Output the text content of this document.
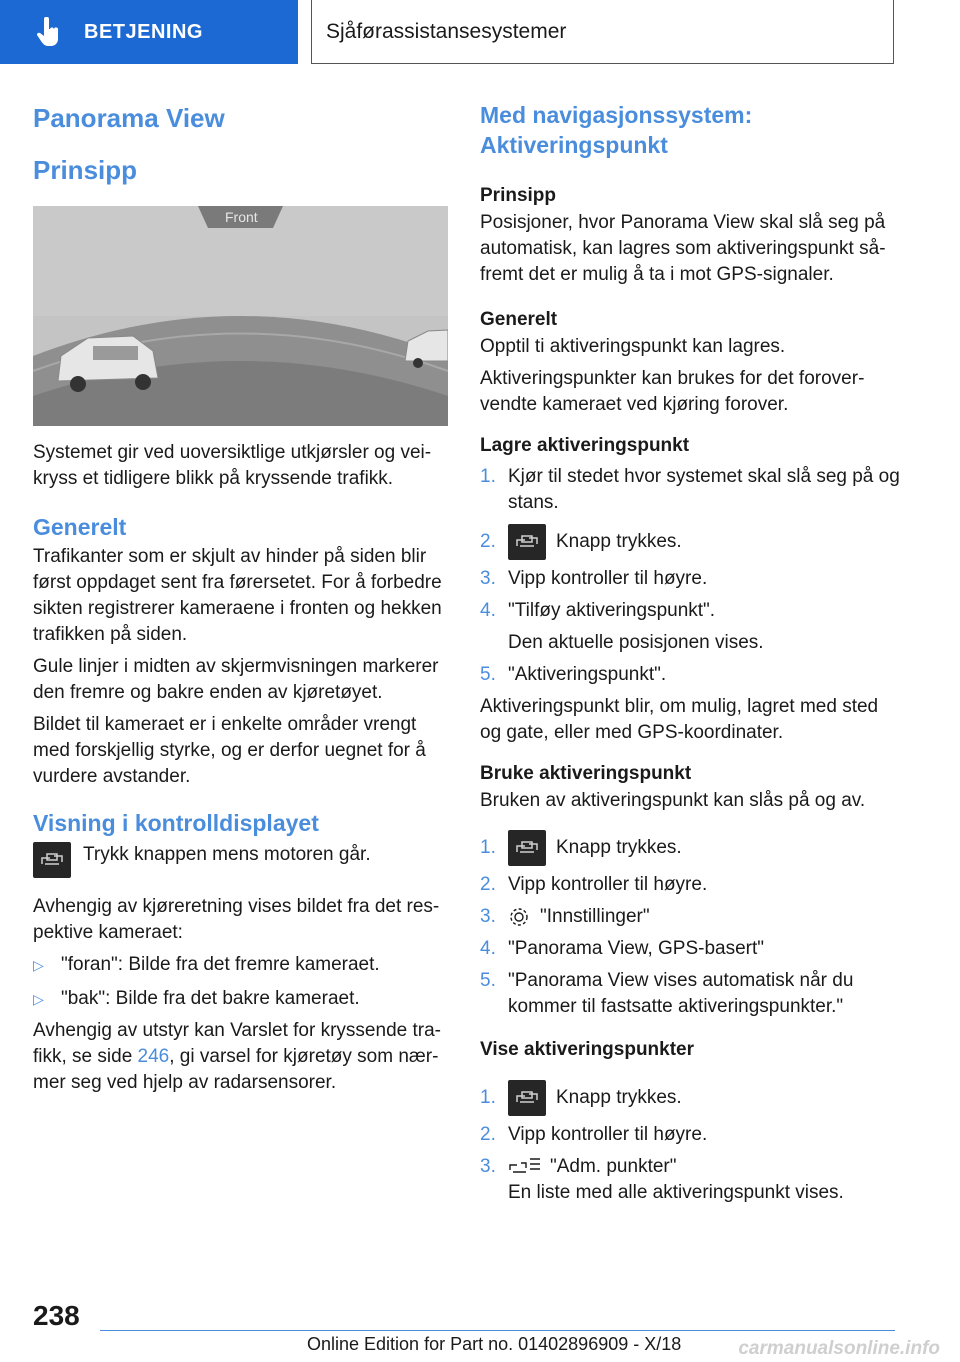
BETJENING	Sjåførassistansesystemer
Panorama View
Prinsipp
Front

Systemet gir ved uoversiktlige utkjørsler og veikryss et tidligere blikk på kryssende trafikk.

Generelt

Trafikanter som er skjult av hinder på siden blir først oppdaget sent fra førersetet. For å forbedre sikten registrerer kameraene i fronten og hekken trafikken på siden.

Gule linjer i midten av skjermvisningen markerer den fremre og bakre enden av kjøretøyet.

Bildet til kameraet er i enkelte områder vrengt med forskjellig styrke, og er derfor uegnet for å vurdere avstander.

Visning i kontrolldisplayet

Trykk knappen mens motoren går.

Avhengig av kjøreretning vises bildet fra det respektive kameraet:

▷ "foran": Bilde fra det fremre kameraet.
▷ "bak": Bilde fra det bakre kameraet.

Avhengig av utstyr kan Varslet for kryssende trafikk, se side 246, gi varsel for kjøretøy som nærmer seg ved hjelp av radarsensorer.

Med navigasjonssystem: Aktiveringspunkt
Prinsipp

Posisjoner, hvor Panorama View skal slå seg på automatisk, kan lagres som aktiveringspunkt såfremt det er mulig å ta i mot GPS-signaler.

Generelt

Opptil ti aktiveringspunkt kan lagres.

Aktiveringspunkter kan brukes for det forovervendte kameraet ved kjøring forover.

Lagre aktiveringspunkt
1. Kjør til stedet hvor systemet skal slå seg på og stans.
2.	Knapp trykkes.
3. Vipp kontroller til høyre.
4. "Tilføy aktiveringspunkt".
Den aktuelle posisjonen vises.
5. "Aktiveringspunkt".

Aktiveringspunkt blir, om mulig, lagret med sted og gate, eller med GPS-koordinater.

Bruke aktiveringspunkt

Bruken av aktiveringspunkt kan slås på og av.

1.	Knapp trykkes.
2. Vipp kontroller til høyre.
3.	"Innstillinger"
4. "Panorama View, GPS-basert"
5. "Panorama View vises automatisk når du kommer til fastsatte aktiveringspunkter."
Vise aktiveringspunkter
1.	Knapp trykkes.
2. Vipp kontroller til høyre.
3.	"Adm. punkter"
En liste med alle aktiveringspunkt vises.
238
Online Edition for Part no. 01402896909 - X/18	carmanualsonline.info
